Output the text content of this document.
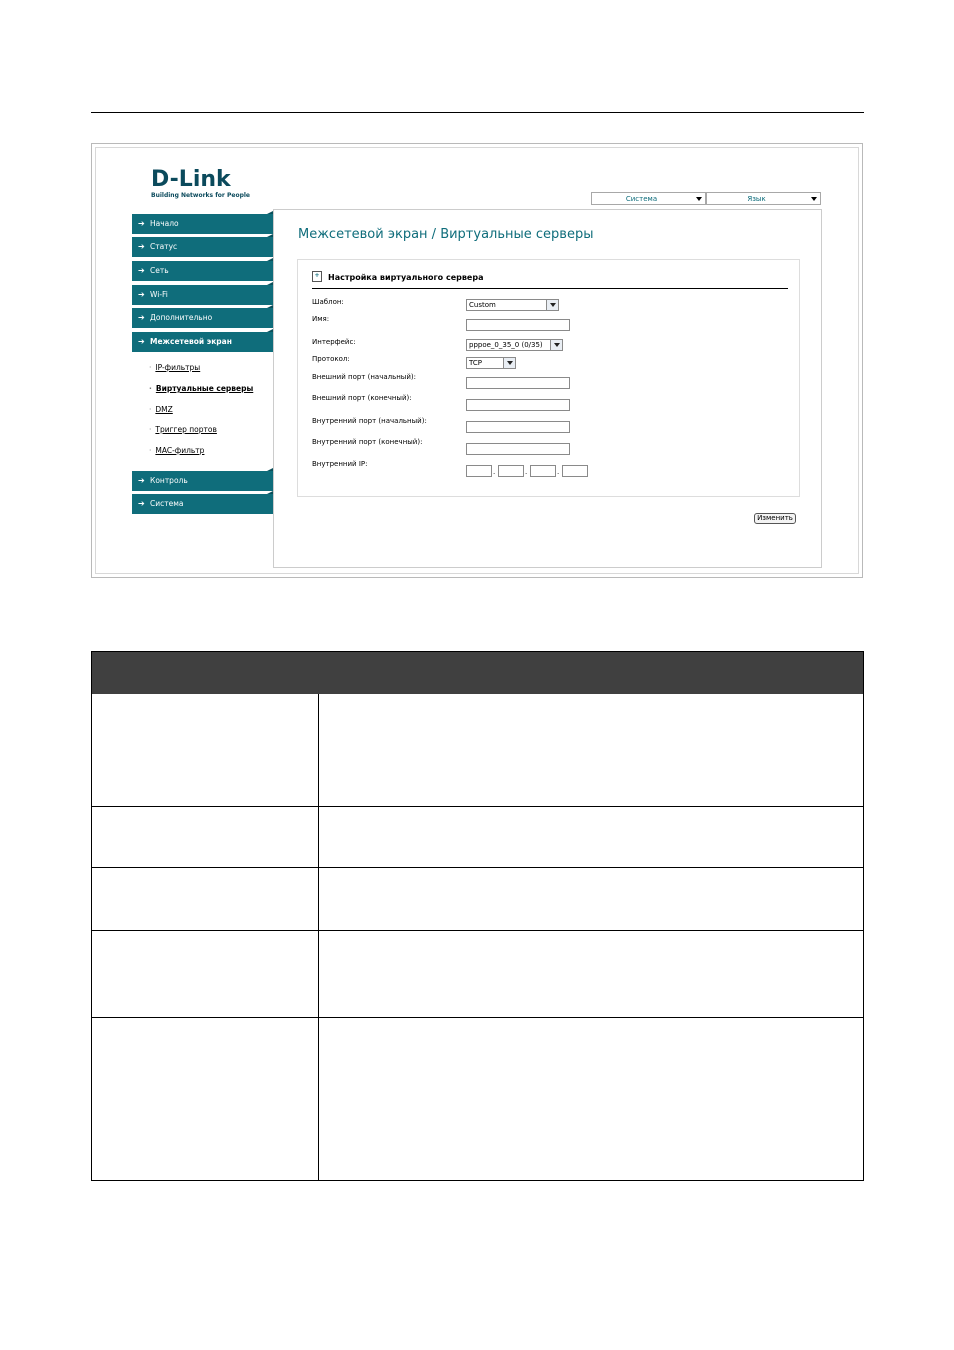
D-Link
Building Networks for People	Система	Язык
➔ Начало
➔ Статус
➔ Сеть
➔ Wi-Fi
➔ Дополнительно
➔ Межсетевой экран
· IP-фильтры
· Виртуальные серверы
· DMZ
· Триггер портов
· MAC-фильтр
➔ Контроль
➔ Система
Межсетевой экран / Виртуальные серверы
+ Настройка виртуального сервера
Шаблон:	Custom
Имя:
Интерфейс:	pppoe_0_35_0 (0/35)
Протокол:	TCP
Внешний порт (начальный):
Внешний порт (конечный):
Внутренний порт (начальный):
Внутренний порт (конечный):
Внутренний IP:
.	.	.
Изменить
